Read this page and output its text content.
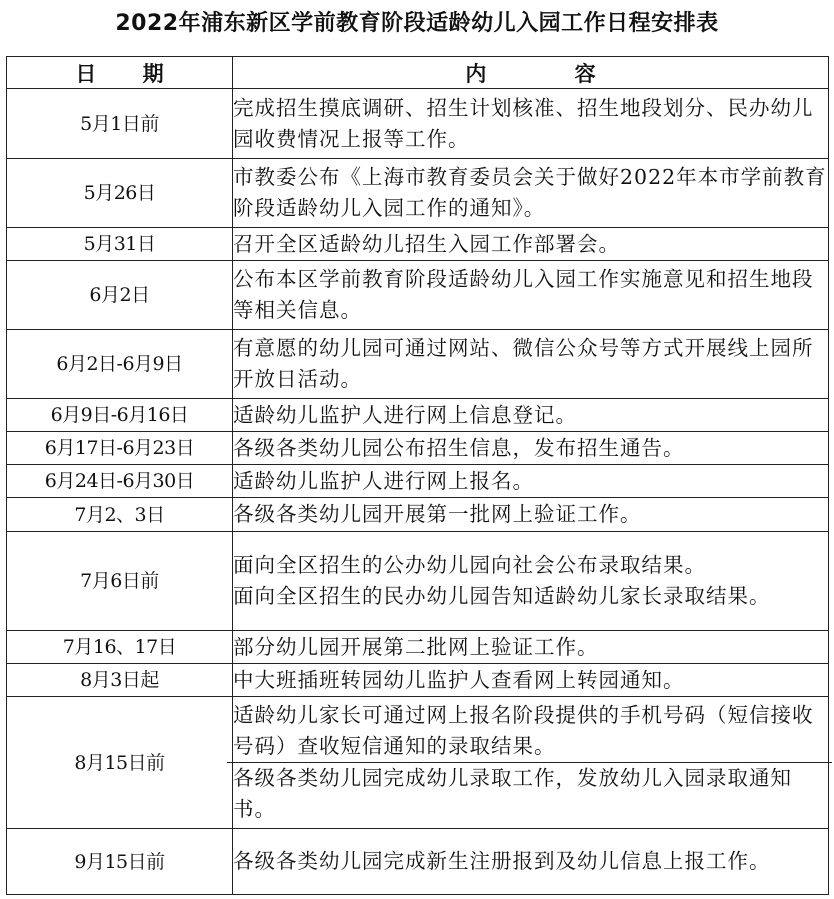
2022年浦东新区学前教育阶段适龄幼儿入园工作日程安排表
日 期	内 容
5月1日前	完成招生摸底调研、招生计划核准、招生地段划分、民办幼儿园收费情况上报等工作。

5月26日	市教委公布《上海市教育委员会关于做好2022年本市学前教育阶段适龄幼儿入园工作的通知》。

5月31日	召开全区适龄幼儿招生入园工作部署会。

6月2日	公布本区学前教育阶段适龄幼儿入园工作实施意见和招生地段等相关信息。

6月2日-6月9日	有意愿的幼儿园可通过网站、微信公众号等方式开展线上园所开放日活动。

6月9日-6月16日	适龄幼儿监护人进行网上信息登记。

6月17日-6月23日	各级各类幼儿园公布招生信息，发布招生通告。

6月24日-6月30日	适龄幼儿监护人进行网上报名。

7月2、3日	各级各类幼儿园开展第一批网上验证工作。

7月6日前	面向全区招生的公办幼儿园向社会公布录取结果。
面向全区招生的民办幼儿园告知适龄幼儿家长录取结果。

7月16、17日	部分幼儿园开展第二批网上验证工作。

8月3日起	中大班插班转园幼儿监护人查看网上转园通知。

8月15日前	适龄幼儿家长可通过网上报名阶段提供的手机号码（短信接收号码）查收短信通知的录取结果。
各级各类幼儿园完成幼儿录取工作，发放幼儿入园录取通知书。

9月15日前	各级各类幼儿园完成新生注册报到及幼儿信息上报工作。
